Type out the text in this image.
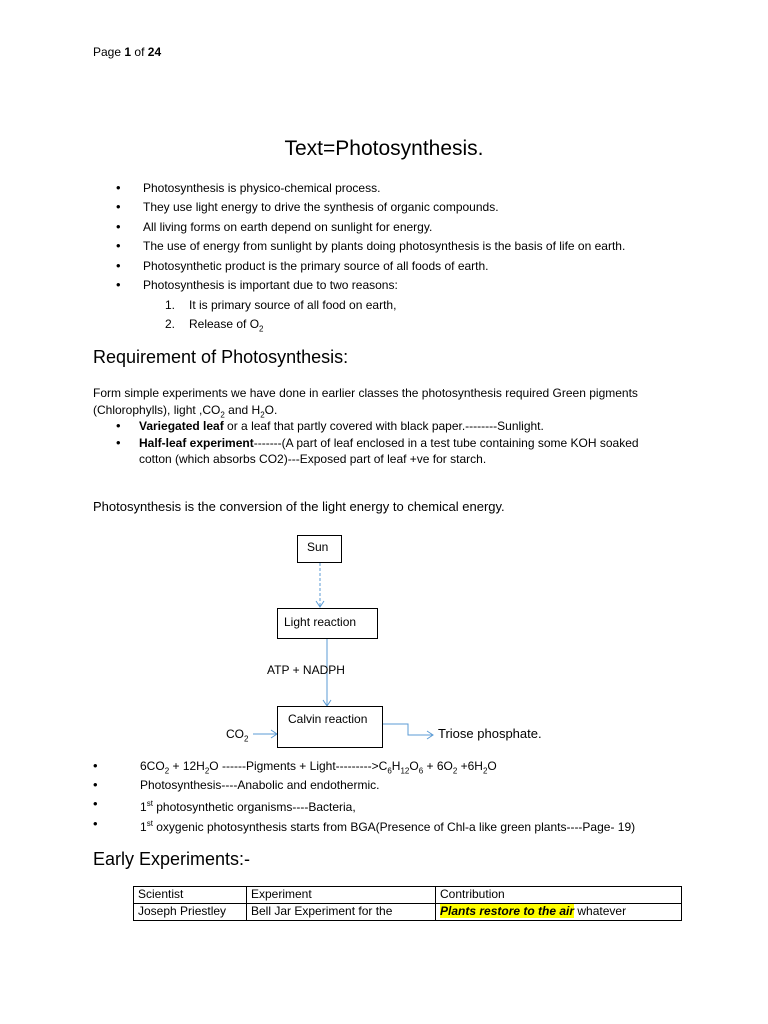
Page 1 of 24
Text=Photosynthesis.
• Photosynthesis is physico-chemical process.
• They use light energy to drive the synthesis of organic compounds.
• All living forms on earth depend on sunlight for energy.
• The use of energy from sunlight by plants doing photosynthesis is the basis of life on earth.
• Photosynthetic product is the primary source of all foods of earth.
• Photosynthesis is important due to two reasons:
1. It is primary source of all food on earth,
2. Release of $O_2$
Requirement of Photosynthesis:
Form simple experiments we have done in earlier classes the photosynthesis required Green pigments (Chlorophylls), light $,CO_2$ and $H_2O$.
• Variegated leaf or a leaf that partly covered with black paper.--------Sunlight.
• Half-leaf experiment-------(A part of leaf enclosed in a test tube containing some KOH soaked cotton (which absorbs CO2)---Exposed part of leaf +ve for starch.
Photosynthesis is the conversion of the light energy to chemical energy.
Sun
Light reaction
ATP + NADPH
Calvin reaction
$CO_2$	Triose phosphate.
• $6CO_2 + 12H_2O$ ------Pigments + Light-$-------->C_6H_{12}O_6 + 6O_2 +6H_2O$
• Photosynthesis----Anabolic and endothermic.
• 1st photosynthetic organisms----Bacteria,
• 1st oxygenic photosynthesis starts from BGA(Presence of Chl-a like green plants----Page- 19)
Early Experiments:-
Scientist	Experiment	Contribution
Joseph Priestley	Bell Jar Experiment for the	Plants restore to the air whatever
